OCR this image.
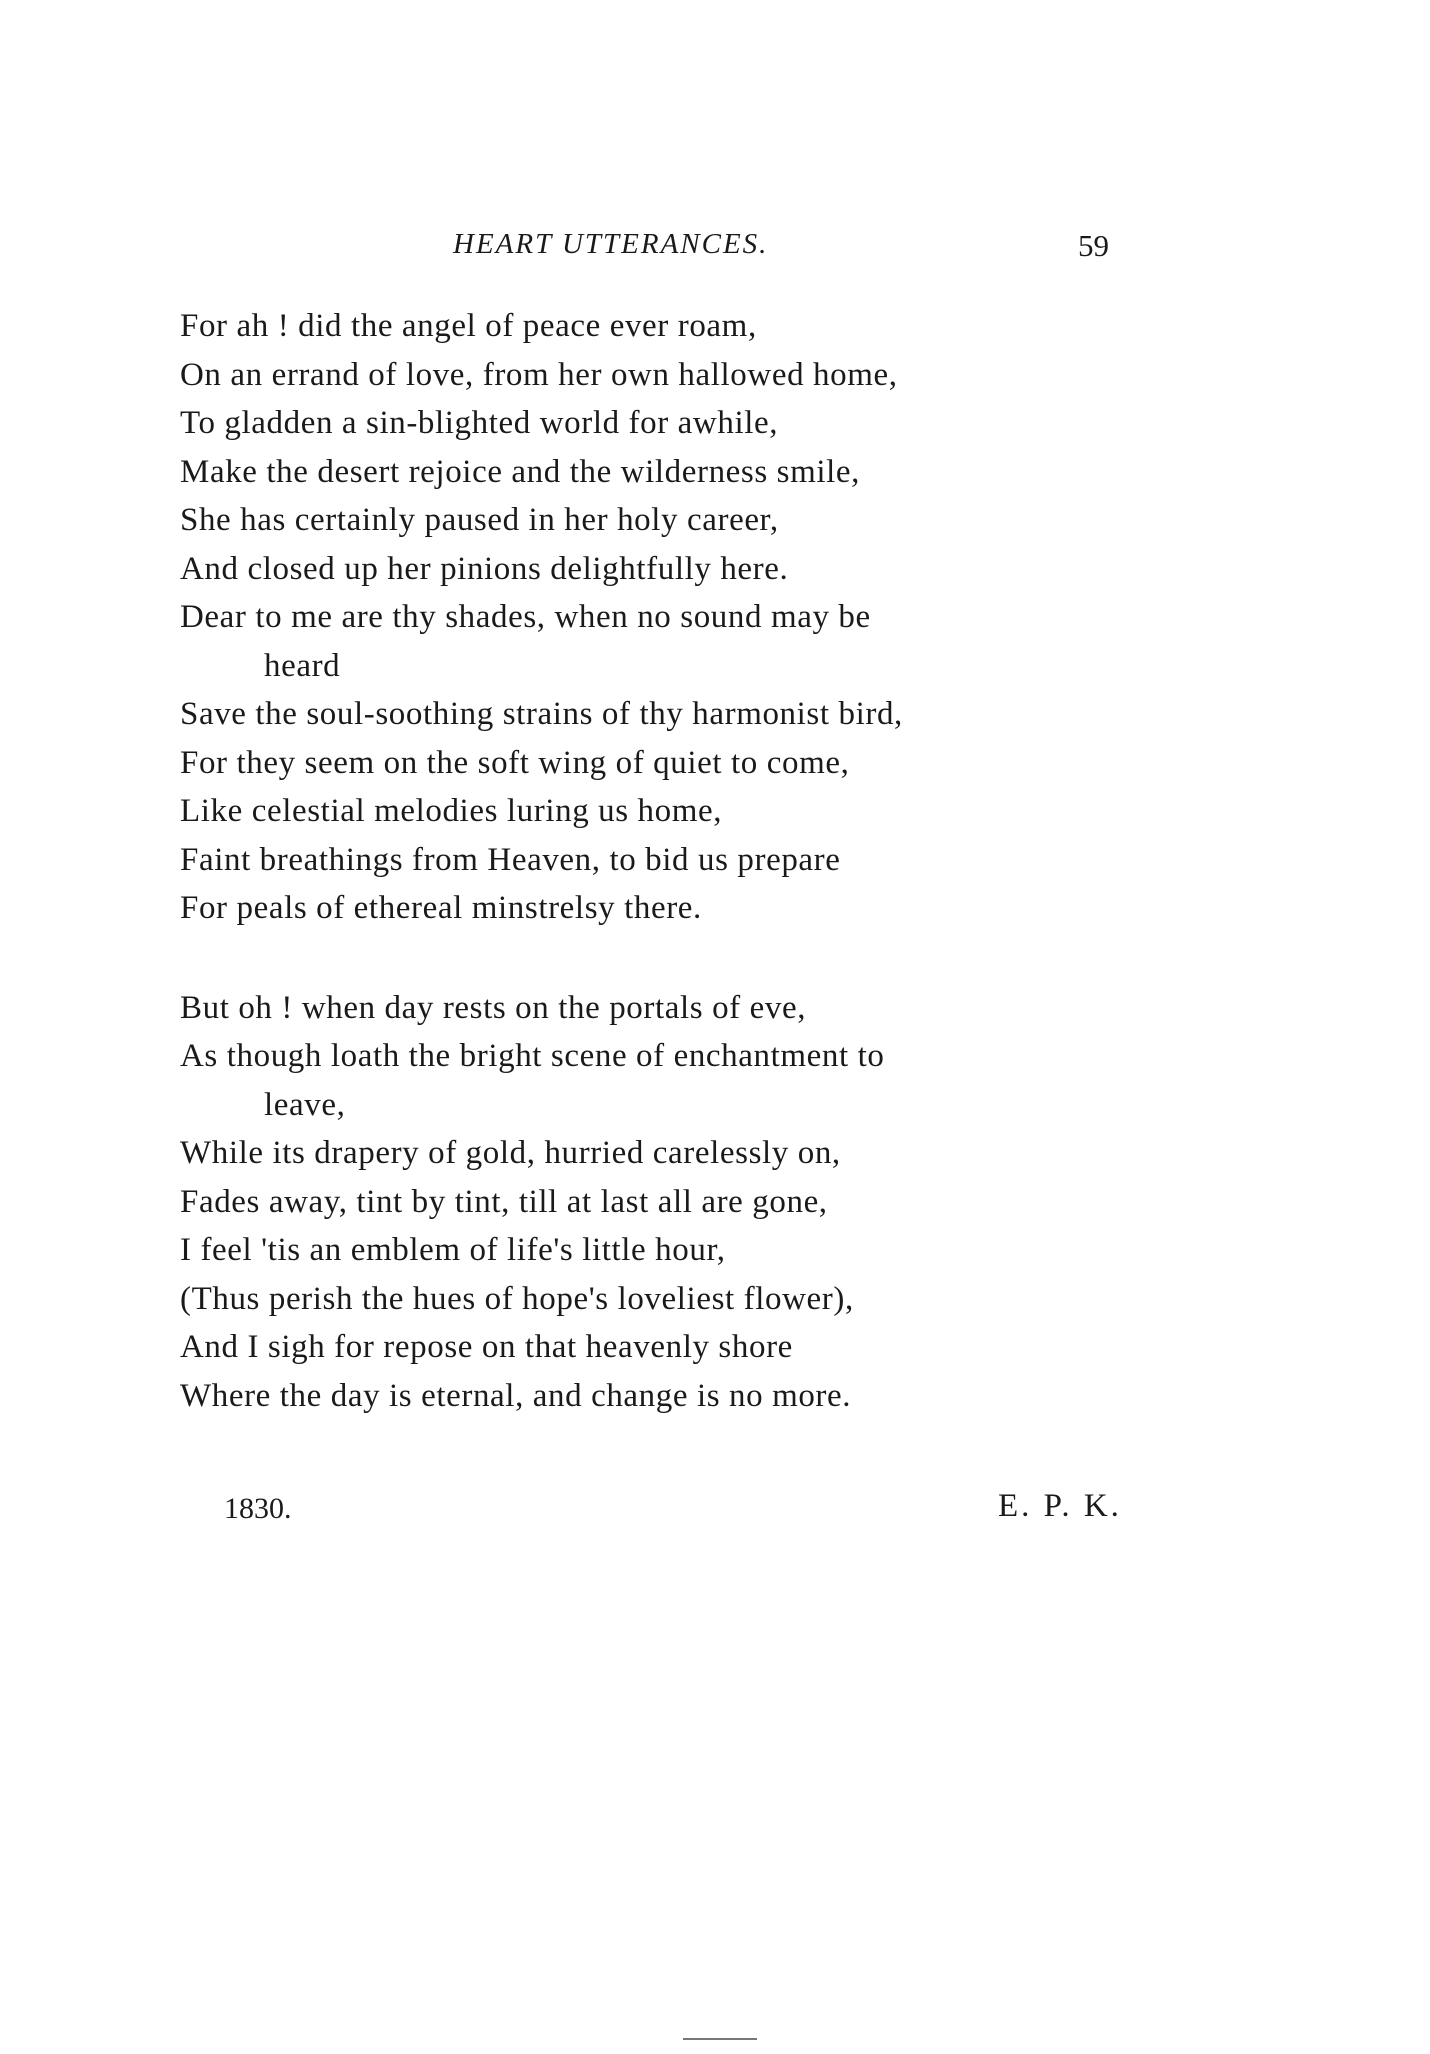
HEART UTTERANCES.	59
For ah ! did the angel of peace ever roam,
On an errand of love, from her own hallowed home,
To gladden a sin-blighted world for awhile,
Make the desert rejoice and the wilderness smile,
She has certainly paused in her holy career,
And closed up her pinions delightfully here.
Dear to me are thy shades, when no sound may be
heard
Save the soul-soothing strains of thy harmonist bird,
For they seem on the soft wing of quiet to come,
Like celestial melodies luring us home,
Faint breathings from Heaven, to bid us prepare
For peals of ethereal minstrelsy there.
But oh ! when day rests on the portals of eve,
As though loath the bright scene of enchantment to
leave,
While its drapery of gold, hurried carelessly on,
Fades away, tint by tint, till at last all are gone,
I feel 'tis an emblem of life's little hour,
(Thus perish the hues of hope's loveliest flower),
And I sigh for repose on that heavenly shore
Where the day is eternal, and change is no more.
1830.	E. P. K.
